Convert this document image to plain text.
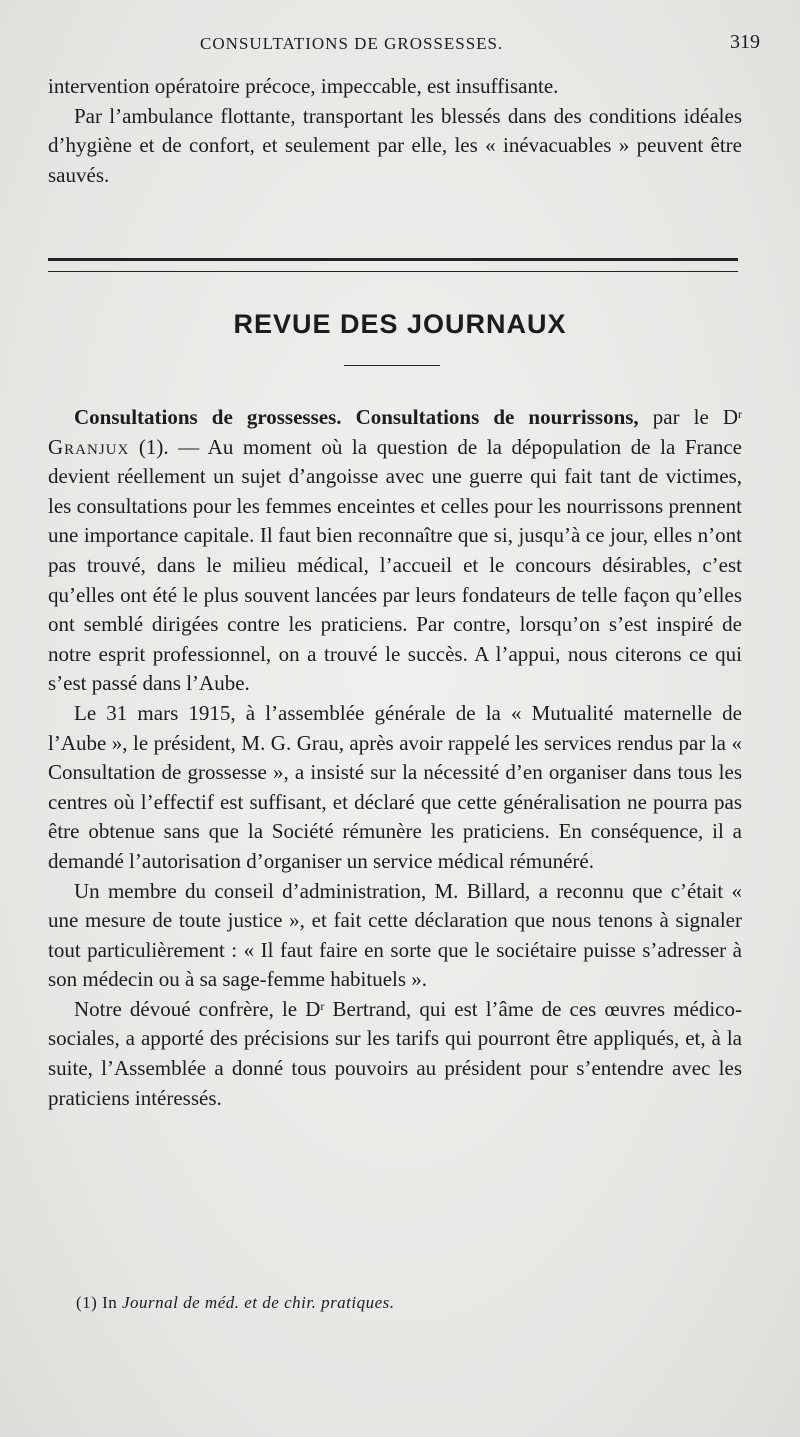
CONSULTATIONS DE GROSSESSES.	319

intervention opératoire précoce, impeccable, est insuffisante.

Par l’ambulance flottante, transportant les blessés dans des conditions idéales d’hygiène et de confort, et seulement par elle, les « inévacuables » peuvent être sauvés.

REVUE DES JOURNAUX

Consultations de grossesses. Consultations de nourrissons, par le $D^r$ Granjux (1). — Au moment où la question de la dépopulation de la France devient réellement un sujet d’angoisse avec une guerre qui fait tant de victimes, les consultations pour les femmes enceintes et celles pour les nourrissons prennent une importance capitale. Il faut bien reconnaître que si, jusqu’à ce jour, elles n’ont pas trouvé, dans le milieu médical, l’accueil et le concours désirables, c’est qu’elles ont été le plus souvent lancées par leurs fondateurs de telle façon qu’elles ont semblé dirigées contre les praticiens. Par contre, lorsqu’on s’est inspiré de notre esprit professionnel, on a trouvé le succès. A l’appui, nous citerons ce qui s’est passé dans l’Aube.

Le 31 mars 1915, à l’assemblée générale de la « Mutualité maternelle de l’Aube », le président, M. G. Grau, après avoir rappelé les services rendus par la « Consultation de grossesse », a insisté sur la nécessité d’en organiser dans tous les centres où l’effectif est suffisant, et déclaré que cette généralisation ne pourra pas être obtenue sans que la Société rémunère les praticiens. En conséquence, il a demandé l’autorisation d’organiser un service médical rémunéré.

Un membre du conseil d’administration, M. Billard, a reconnu que c’était « une mesure de toute justice », et fait cette déclaration que nous tenons à signaler tout particulièrement : « Il faut faire en sorte que le sociétaire puisse s’adresser à son médecin ou à sa sage-femme habituels ».

Notre dévoué confrère, le $D^r$ Bertrand, qui est l’âme de ces œuvres médico-sociales, a apporté des précisions sur les tarifs qui pourront être appliqués, et, à la suite, l’Assemblée a donné tous pouvoirs au président pour s’entendre avec les praticiens intéressés.

(1) In Journal de méd. et de chir. pratiques.
